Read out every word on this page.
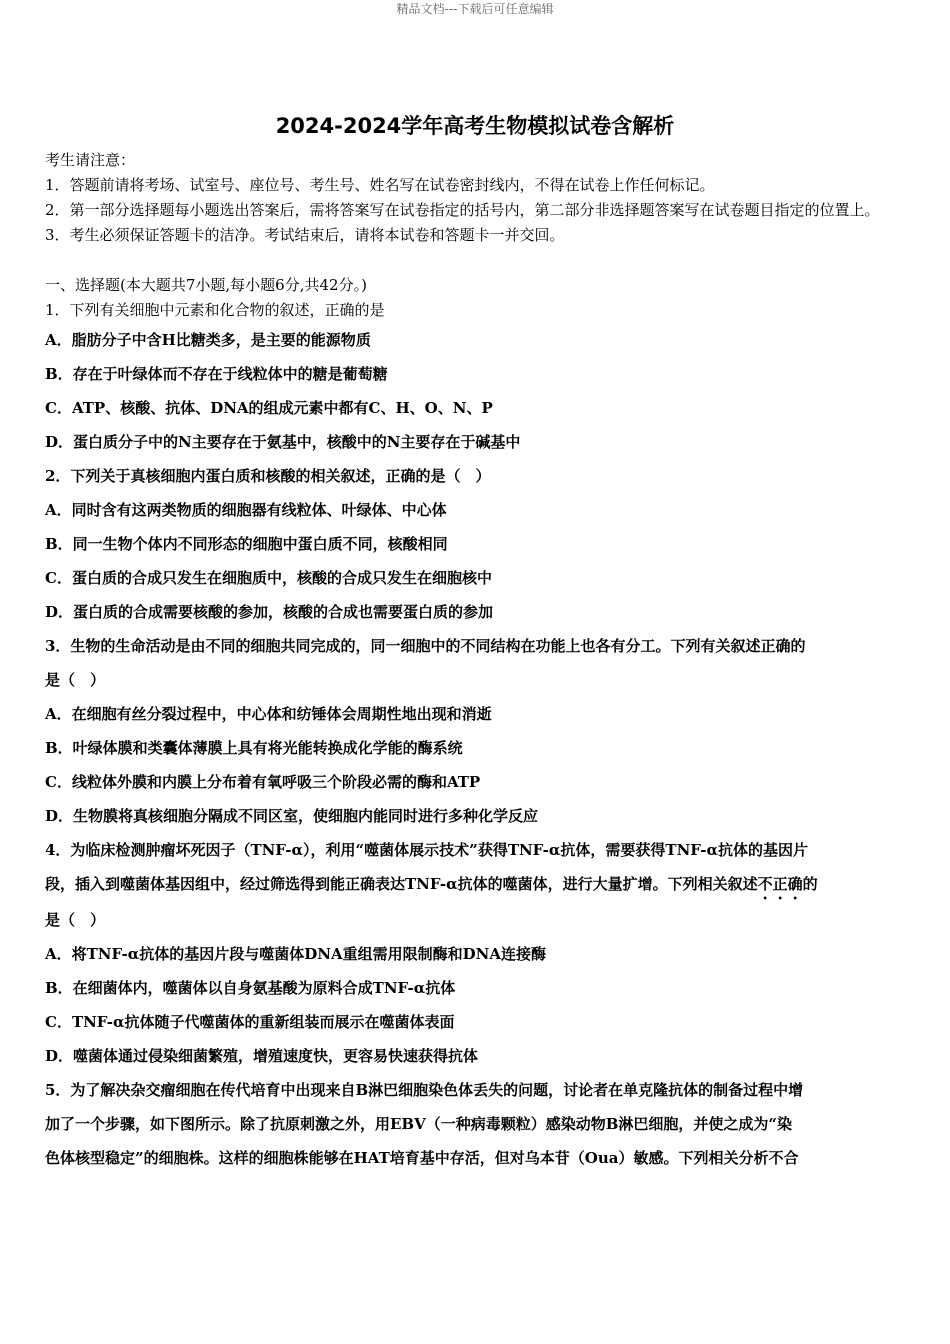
精品文档---下载后可任意编辑
2024-2024学年高考生物模拟试卷含解析
考生请注意：
1．答题前请将考场、试室号、座位号、考生号、姓名写在试卷密封线内，不得在试卷上作任何标记。
2．第一部分选择题每小题选出答案后，需将答案写在试卷指定的括号内，第二部分非选择题答案写在试卷题目指定的位置上。
3．考生必须保证答题卡的洁净。考试结束后，请将本试卷和答题卡一并交回。
一、选择题(本大题共7小题,每小题6分,共42分。)
1．下列有关细胞中元素和化合物的叙述，正确的是
A．脂肪分子中含H比糖类多，是主要的能源物质
B．存在于叶绿体而不存在于线粒体中的糖是葡萄糖
C．ATP、核酸、抗体、DNA的组成元素中都有C、H、O、N、P
D．蛋白质分子中的N主要存在于氨基中，核酸中的N主要存在于碱基中
2．下列关于真核细胞内蛋白质和核酸的相关叙述，正确的是（　）
A．同时含有这两类物质的细胞器有线粒体、叶绿体、中心体
B．同一生物个体内不同形态的细胞中蛋白质不同，核酸相同
C．蛋白质的合成只发生在细胞质中，核酸的合成只发生在细胞核中
D．蛋白质的合成需要核酸的参加，核酸的合成也需要蛋白质的参加
3．生物的生命活动是由不同的细胞共同完成的，同一细胞中的不同结构在功能上也各有分工。下列有关叙述正确的
是（　）
A．在细胞有丝分裂过程中，中心体和纺锤体会周期性地出现和消逝
B．叶绿体膜和类囊体薄膜上具有将光能转换成化学能的酶系统
C．线粒体外膜和内膜上分布着有氧呼吸三个阶段必需的酶和ATP
D．生物膜将真核细胞分隔成不同区室，使细胞内能同时进行多种化学反应
4．为临床检测肿瘤坏死因子（TNF-α），利用“噬菌体展示技术”获得TNF-α抗体，需要获得TNF-α抗体的基因片
段，插入到噬菌体基因组中，经过筛选得到能正确表达TNF-α抗体的噬菌体，进行大量扩增。下列相关叙述不正确的
是（　）
A．将TNF-α抗体的基因片段与噬菌体DNA重组需用限制酶和DNA连接酶
B．在细菌体内，噬菌体以自身氨基酸为原料合成TNF-α抗体
C．TNF-α抗体随子代噬菌体的重新组装而展示在噬菌体表面
D．噬菌体通过侵染细菌繁殖，增殖速度快，更容易快速获得抗体
5．为了解决杂交瘤细胞在传代培育中出现来自B淋巴细胞染色体丢失的问题，讨论者在单克隆抗体的制备过程中增
加了一个步骤，如下图所示。除了抗原刺激之外，用EBV（一种病毒颗粒）感染动物B淋巴细胞，并使之成为“染
色体核型稳定”的细胞株。这样的细胞株能够在HAT培育基中存活，但对乌本苷（Oua）敏感。下列相关分析不合
